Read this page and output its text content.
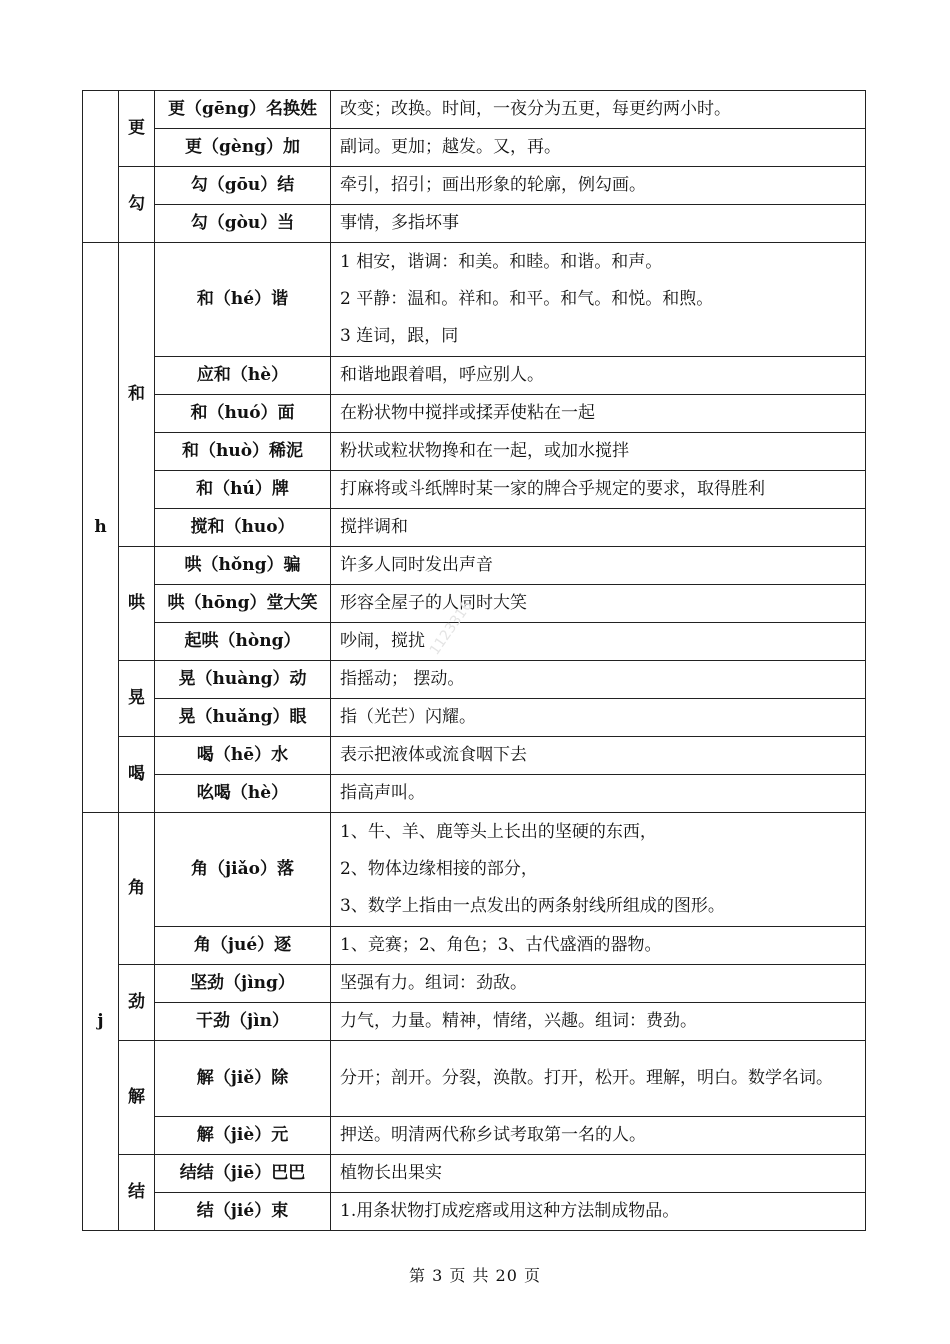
	更	更（gēng）名换姓	改变；改换。时间，一夜分为五更，每更约两小时。

		更（gèng）加	副词。更加；越发。又，再。

	勾	勾（gōu）结	牵引，招引；画出形象的轮廓，例勾画。

		勾（gòu）当	事情，多指坏事

h	和	和（hé）谐	1 相安，谐调：和美。和睦。和谐。和声。
2 平静：温和。祥和。和平。和气。和悦。和煦。
3 连词，跟，同

		应和（hè）	和谐地跟着唱，呼应别人。

		和（huó）面	在粉状物中搅拌或揉弄使粘在一起

		和（huò）稀泥	粉状或粒状物搀和在一起，或加水搅拌

		和（hú）牌	打麻将或斗纸牌时某一家的牌合乎规定的要求，取得胜利

		搅和（huo）	搅拌调和

	哄	哄（hǒng）骗	许多人同时发出声音

		哄（hōng）堂大笑	形容全屋子的人同时大笑

		起哄（hòng）	吵闹，搅扰

	晃	晃（huàng）动	指摇动； 摆动。

		晃（huǎng）眼	指（光芒）闪耀。

	喝	喝（hē）水	表示把液体或流食咽下去

		吆喝（hè）	指高声叫。

j	角	角（jiǎo）落	1、牛、羊、鹿等头上长出的坚硬的东西，
2、物体边缘相接的部分，
3、数学上指由一点发出的两条射线所组成的图形。

		角（jué）逐	1、竞赛；2、角色；3、古代盛酒的器物。

	劲	坚劲（jìng）	坚强有力。组词：劲敌。

		干劲（jìn）	力气，力量。精神，情绪，兴趣。组词：费劲。

	解	解（jiě）除	分开；剖开。分裂，涣散。打开，松开。理解，明白。数学名词。

		解（jiè）元	押送。明清两代称乡试考取第一名的人。

	结	结结（jiē）巴巴	植物长出果实

		结（jié）束	1.用条状物打成疙瘩或用这种方法制成物品。
1123316
第 3 页 共 20 页
